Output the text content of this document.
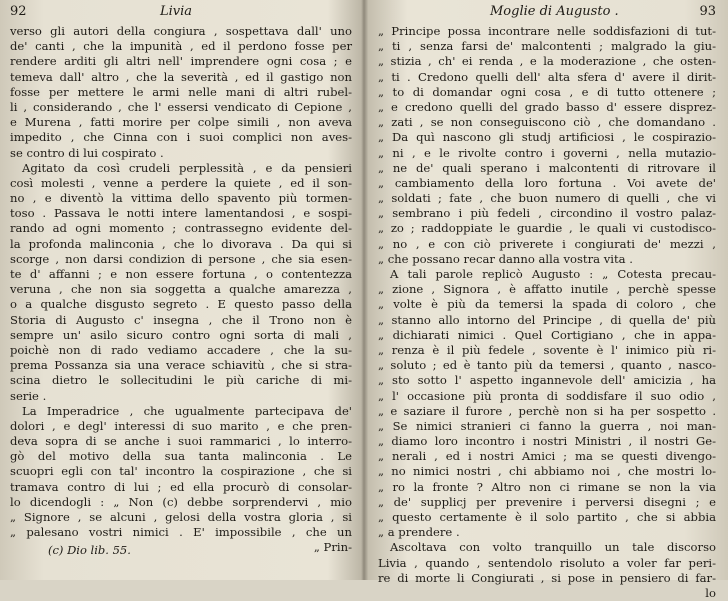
92	Livia
verso gli autori della congiura , sospettava dall' uno
de' canti , che la impunità , ed il perdono fosse per
rendere arditi gli altri nell' imprendere ogni cosa ; e
temeva dall' altro , che la severità , ed il gastigo non
fosse per mettere le armi nelle mani di altri rubel-
li , considerando , che l' essersi vendicato di Cepione ,
e Murena , fatti morire per colpe simili , non aveva
impedito , che Cinna con i suoi complici non aves-
se contro di lui cospirato .
Agitato da così crudeli perplessità , e da pensieri
così molesti , venne a perdere la quiete , ed il son-
no , e diventò la vittima dello spavento più tormen-
toso . Passava le notti intere lamentandosi , e sospi-
rando ad ogni momento ; contrassegno evidente del-
la profonda malinconia , che lo divorava . Da qui si
scorge , non darsi condizion di persone , che sia esen-
te d' affanni ; e non essere fortuna , o contentezza
veruna , che non sia soggetta a qualche amarezza ,
o a qualche disgusto segreto . E questo passo della
Storia di Augusto c' insegna , che il Trono non è
sempre un' asilo sicuro contro ogni sorta di mali ,
poichè non di rado vediamo accadere , che la su-
prema Possanza sia una verace schiavitù , che si stra-
scina dietro le sollecitudini le più cariche di mi-
serie .
La Imperadrice , che ugualmente partecipava de'
dolori , e degl' interessi di suo marito , e che pren-
deva sopra di se anche i suoi rammarici , lo interro-
gò del motivo della sua tanta malinconia . Le
scuopri egli con tal' incontro la cospirazione , che si
tramava contro di lui ; ed ella procurò di consolar-
lo dicendogli : „ Non (c) debbe sorprendervi , mio
„ Signore , se alcuni , gelosi della vostra gloria , si
„ palesano vostri nimici . E' impossibile , che un
„ Prin-
(c) Dio lib. 55.
Moglie di Augusto .	93
„ Principe possa incontrare nelle soddisfazioni di tut-
„ ti , senza farsi de' malcontenti ; malgrado la giu-
„ stizia , ch' ei renda , e la moderazione , che osten-
„ ti . Credono quelli dell' alta sfera d' avere il dirit-
„ to di domandar ogni cosa , e di tutto ottenere ;
„ e credono quelli del grado basso d' essere disprez-
„ zati , se non conseguiscono ciò , che domandano .
„ Da quì nascono gli studj artificiosi , le cospirazio-
„ ni , e le rivolte contro i governi , nella mutazio-
„ ne de' quali sperano i malcontenti di ritrovare il
„ cambiamento della loro fortuna . Voi avete de'
„ soldati ; fate , che buon numero di quelli , che vi
„ sembrano i più fedeli , circondino il vostro palaz-
„ zo ; raddoppiate le guardie , le quali vi custodisco-
„ no , e con ciò priverete i congiurati de' mezzi ,
„ che possano recar danno alla vostra vita .
A tali parole replicò Augusto : „ Cotesta precau-
„ zione , Signora , è affatto inutile , perchè spesse
„ volte è più da temersi la spada di coloro , che
„ stanno allo intorno del Principe , di quella de' più
„ dichiarati nimici . Quel Cortigiano , che in appa-
„ renza è il più fedele , sovente è l' inimico più ri-
„ soluto ; ed è tanto più da temersi , quanto , nasco-
„ sto sotto l' aspetto ingannevole dell' amicizia , ha
„ l' occasione più pronta di soddisfare il suo odio ,
„ e saziare il furore , perchè non si ha per sospetto .
„ Se nimici stranieri ci fanno la guerra , noi man-
„ diamo loro incontro i nostri Ministri , il nostri Ge-
„ nerali , ed i nostri Amici ; ma se questi divengo-
„ no nimici nostri , chi abbiamo noi , che mostri lo-
„ ro la fronte ? Altro non ci rimane se non la via
„ de' supplicj per prevenire i perversi disegni ; e
„ questo certamente è il solo partito , che si abbia
„ a prendere .
Ascoltava con volto tranquillo un tale discorso
Livia , quando , sentendolo risoluto a voler far peri-
re di morte li Congiurati , si pose in pensiero di far-
lo
